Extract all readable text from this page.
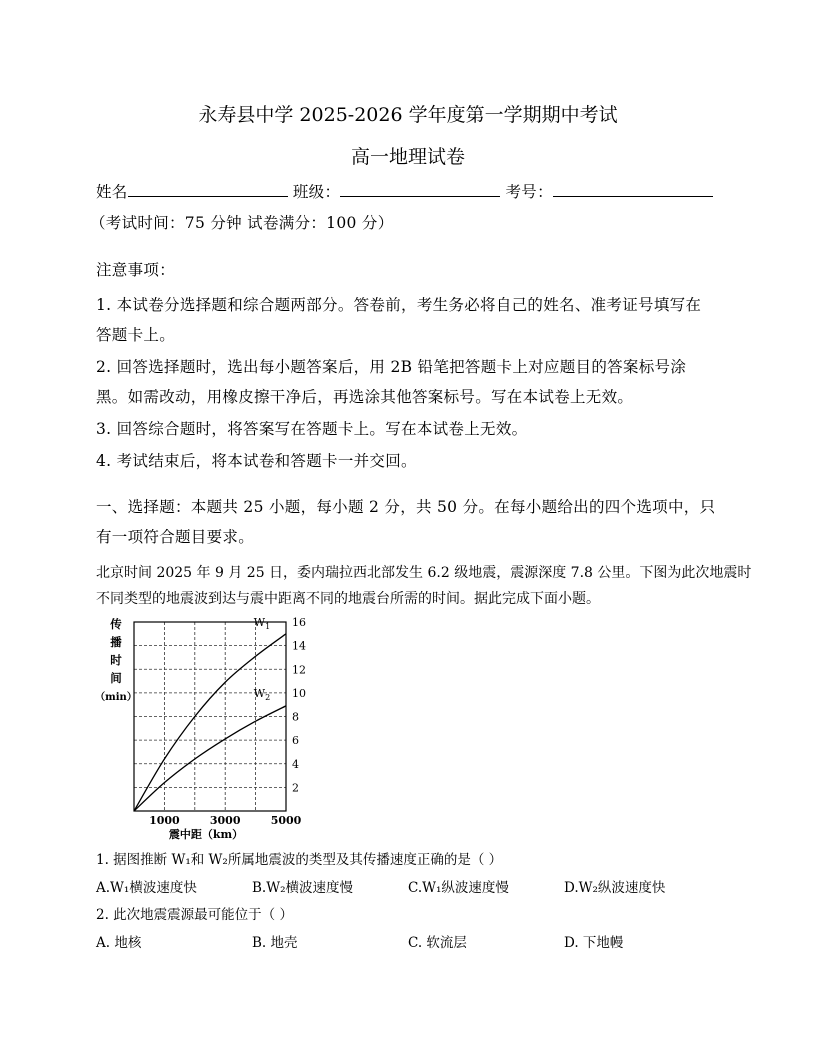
永寿县中学 2025-2026 学年度第一学期期中考试
高一地理试卷
姓名	班级：	考号：
（考试时间：75 分钟 试卷满分：100 分）
注意事项：
1. 本试卷分选择题和综合题两部分。答卷前，考生务必将自己的姓名、准考证号填写在
答题卡上。
2. 回答选择题时，选出每小题答案后，用 2B 铅笔把答题卡上对应题目的答案标号涂
黑。如需改动，用橡皮擦干净后，再选涂其他答案标号。写在本试卷上无效。
3. 回答综合题时，将答案写在答题卡上。写在本试卷上无效。
4. 考试结束后，将本试卷和答题卡一并交回。
一、选择题：本题共 25 小题，每小题 2 分，共 50 分。在每小题给出的四个选项中，只
有一项符合题目要求。
北京时间 2025 年 9 月 25 日，委内瑞拉西北部发生 6.2 级地震，震源深度 7.8 公里。下图为此次地震时
不同类型的地震波到达与震中距离不同的地震台所需的时间。据此完成下面小题。
传
播
时
间
（min）
$W_1$
$W_2$
2
4
6
8
10
12
14
16
1000	3000	5000
震中距（km）
1. 据图推断 W₁和 W₂所属地震波的类型及其传播速度正确的是（ ）
A.W₁横波速度快	B.W₂横波速度慢	C.W₁纵波速度慢	D.W₂纵波速度快
2. 此次地震震源最可能位于（ ）
A. 地核	B. 地壳	C. 软流层	D. 下地幔
